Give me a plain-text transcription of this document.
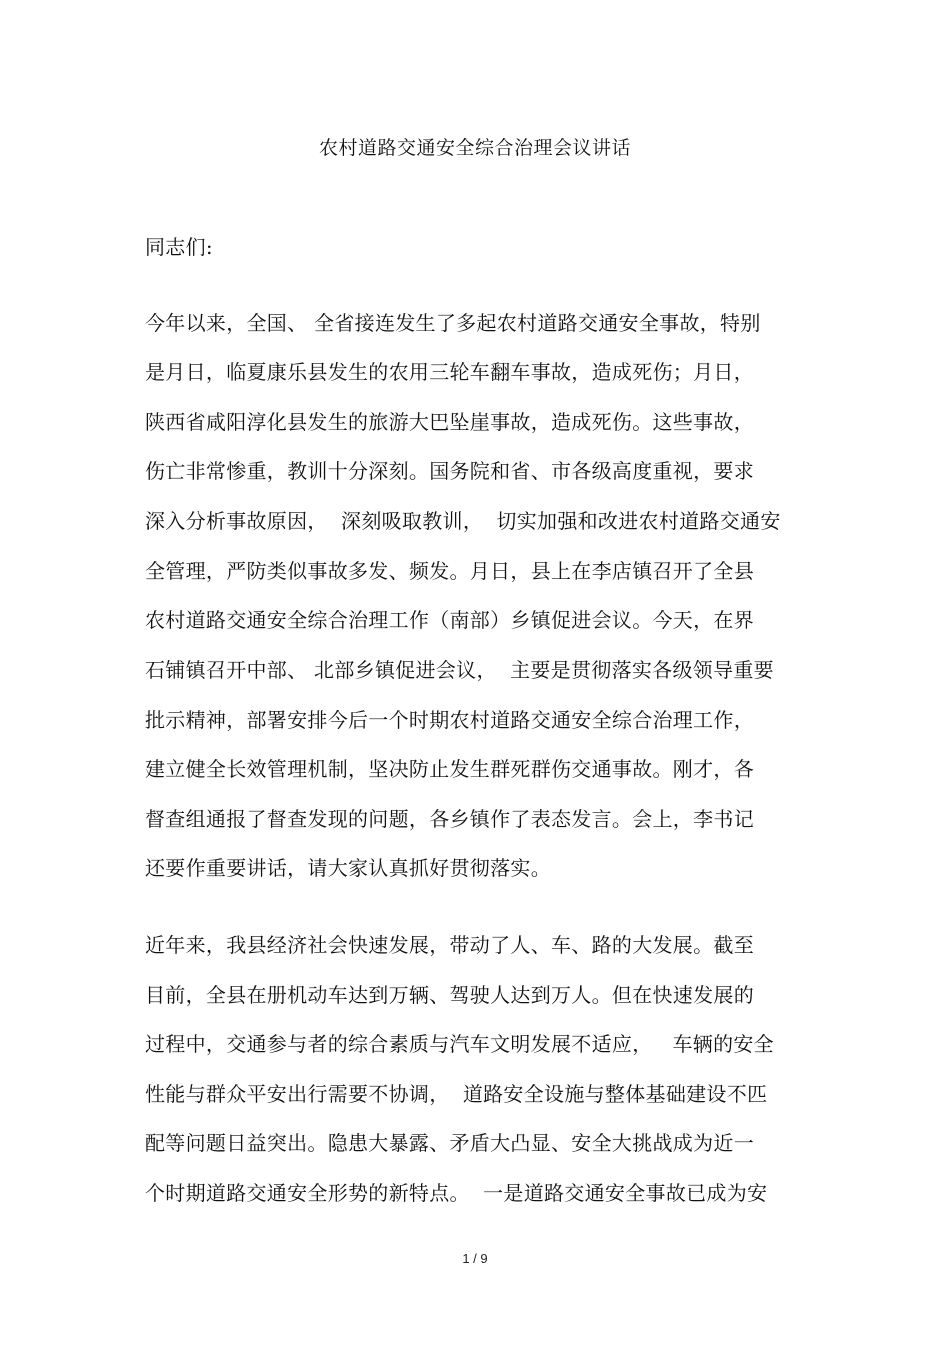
农村道路交通安全综合治理会议讲话
同志们:
今年以来，全国、 全省接连发生了多起农村道路交通安全事故，特别
是月日，临夏康乐县发生的农用三轮车翻车事故，造成死伤；月日，
陕西省咸阳淳化县发生的旅游大巴坠崖事故，造成死伤。这些事故，
伤亡非常惨重，教训十分深刻。国务院和省、市各级高度重视，要求
深入分析事故原因，  深刻吸取教训，  切实加强和改进农村道路交通安
全管理，严防类似事故多发、频发。月日，县上在李店镇召开了全县
农村道路交通安全综合治理工作（南部）乡镇促进会议。今天，在界
石铺镇召开中部、 北部乡镇促进会议，  主要是贯彻落实各级领导重要
批示精神，部署安排今后一个时期农村道路交通安全综合治理工作，
建立健全长效管理机制，坚决防止发生群死群伤交通事故。刚才，各
督查组通报了督查发现的问题，各乡镇作了表态发言。会上，李书记
还要作重要讲话，请大家认真抓好贯彻落实。
近年来，我县经济社会快速发展，带动了人、车、路的大发展。截至
目前，全县在册机动车达到万辆、驾驶人达到万人。但在快速发展的
过程中，交通参与者的综合素质与汽车文明发展不适应，   车辆的安全
性能与群众平安出行需要不协调，  道路安全设施与整体基础建设不匹
配等问题日益突出。隐患大暴露、矛盾大凸显、安全大挑战成为近一
个时期道路交通安全形势的新特点。  一是道路交通安全事故已成为安
1 / 9
